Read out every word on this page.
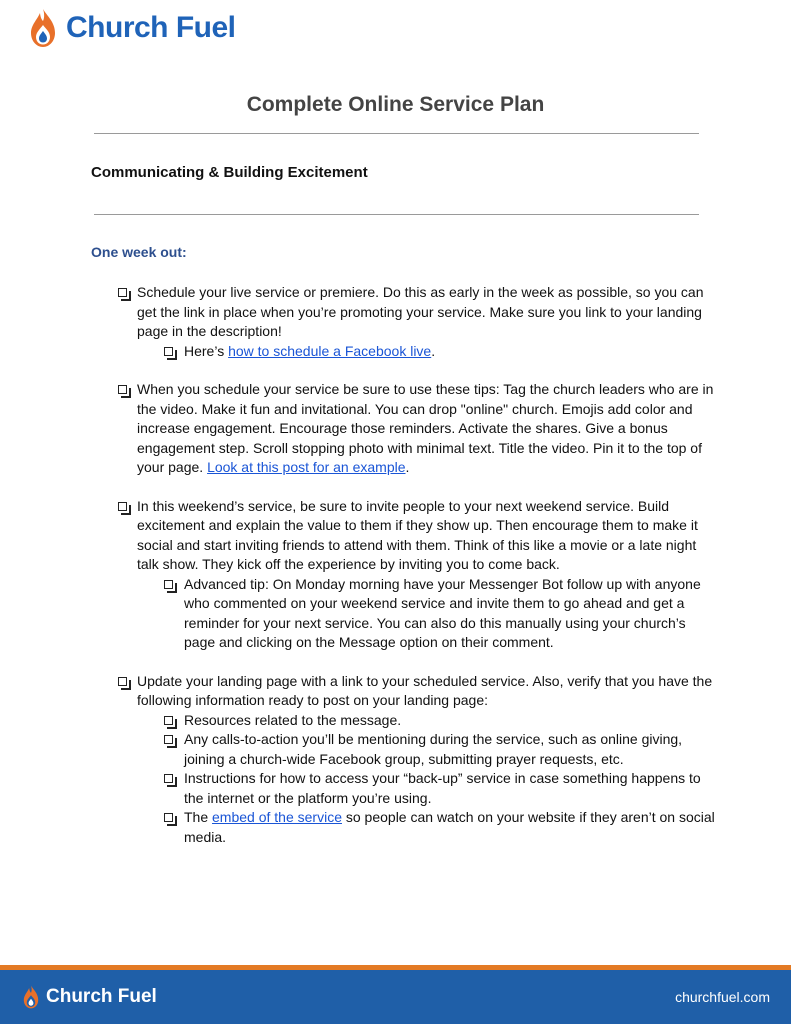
Church Fuel
Complete Online Service Plan
Communicating & Building Excitement
One week out:
Schedule your live service or premiere. Do this as early in the week as possible, so you can get the link in place when you’re promoting your service. Make sure you link to your landing page in the description!
Here’s how to schedule a Facebook live.
When you schedule your service be sure to use these tips: Tag the church leaders who are in the video. Make it fun and invitational. You can drop "online" church. Emojis add color and increase engagement. Encourage those reminders. Activate the shares. Give a bonus engagement step. Scroll stopping photo with minimal text. Title the video. Pin it to the top of your page. Look at this post for an example.
In this weekend’s service, be sure to invite people to your next weekend service. Build excitement and explain the value to them if they show up. Then encourage them to make it social and start inviting friends to attend with them. Think of this like a movie or a late night talk show. They kick off the experience by inviting you to come back.
Advanced tip: On Monday morning have your Messenger Bot follow up with anyone who commented on your weekend service and invite them to go ahead and get a reminder for your next service. You can also do this manually using your church’s page and clicking on the Message option on their comment.
Update your landing page with a link to your scheduled service. Also, verify that you have the following information ready to post on your landing page:
Resources related to the message.
Any calls-to-action you’ll be mentioning during the service, such as online giving, joining a church-wide Facebook group, submitting prayer requests, etc.
Instructions for how to access your “back-up” service in case something happens to the internet or the platform you’re using.
The embed of the service so people can watch on your website if they aren’t on social media.
Church Fuel	churchfuel.com
